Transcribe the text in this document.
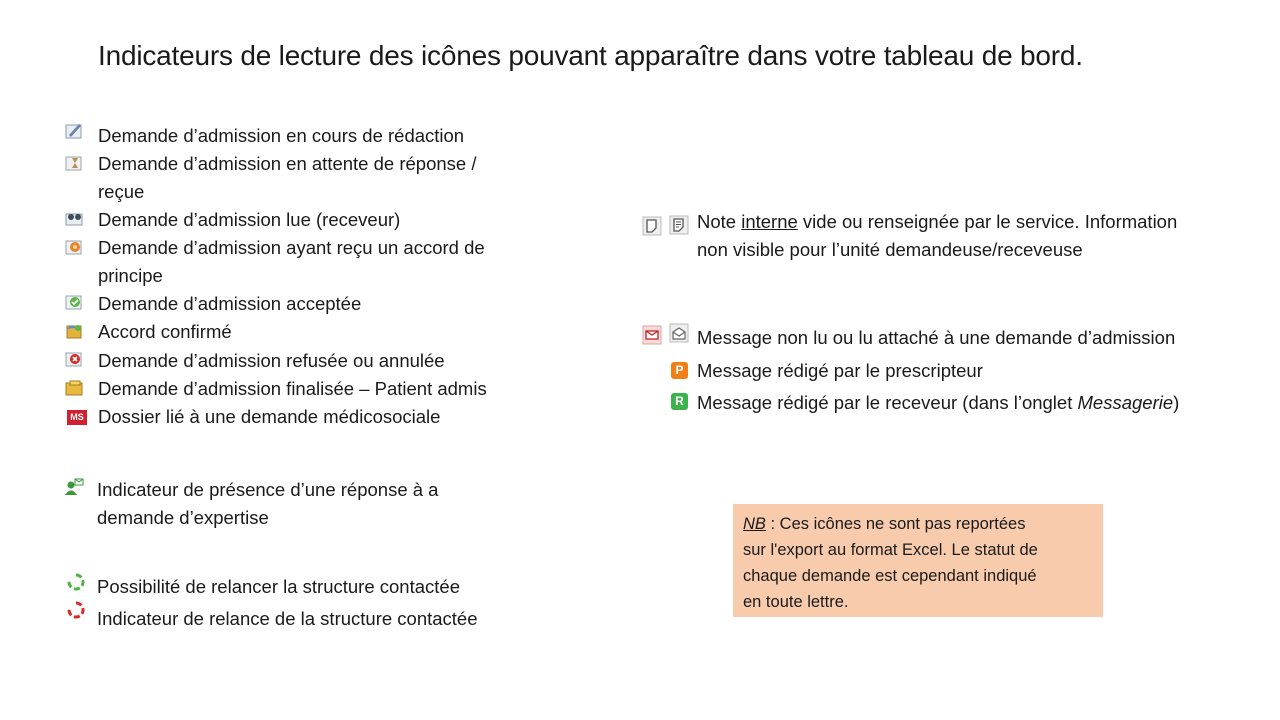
Indicateurs de lecture des icônes pouvant apparaître dans votre tableau de bord.
Demande d’admission en cours de rédaction
Demande d’admission en attente de réponse /
reçue
Demande d’admission lue (receveur)
Demande d’admission ayant reçu un accord de
principe
Demande d’admission acceptée
Accord confirmé
Demande d’admission refusée ou annulée
Demande d’admission finalisée – Patient admis
MS Dossier lié à une demande médicosociale
Indicateur de présence d’une réponse à a
demande d’expertise
Possibilité de relancer la structure contactée
Indicateur de relance de la structure contactée
Note interne vide ou renseignée par le service. Information
non visible pour l’unité demandeuse/receveuse
Message non lu ou lu attaché à une demande d’admission
P Message rédigé par le prescripteur
R Message rédigé par le receveur (dans l’onglet Messagerie)
NB : Ces icônes ne sont pas reportées
sur l'export au format Excel. Le statut de
chaque demande est cependant indiqué
en toute lettre.
